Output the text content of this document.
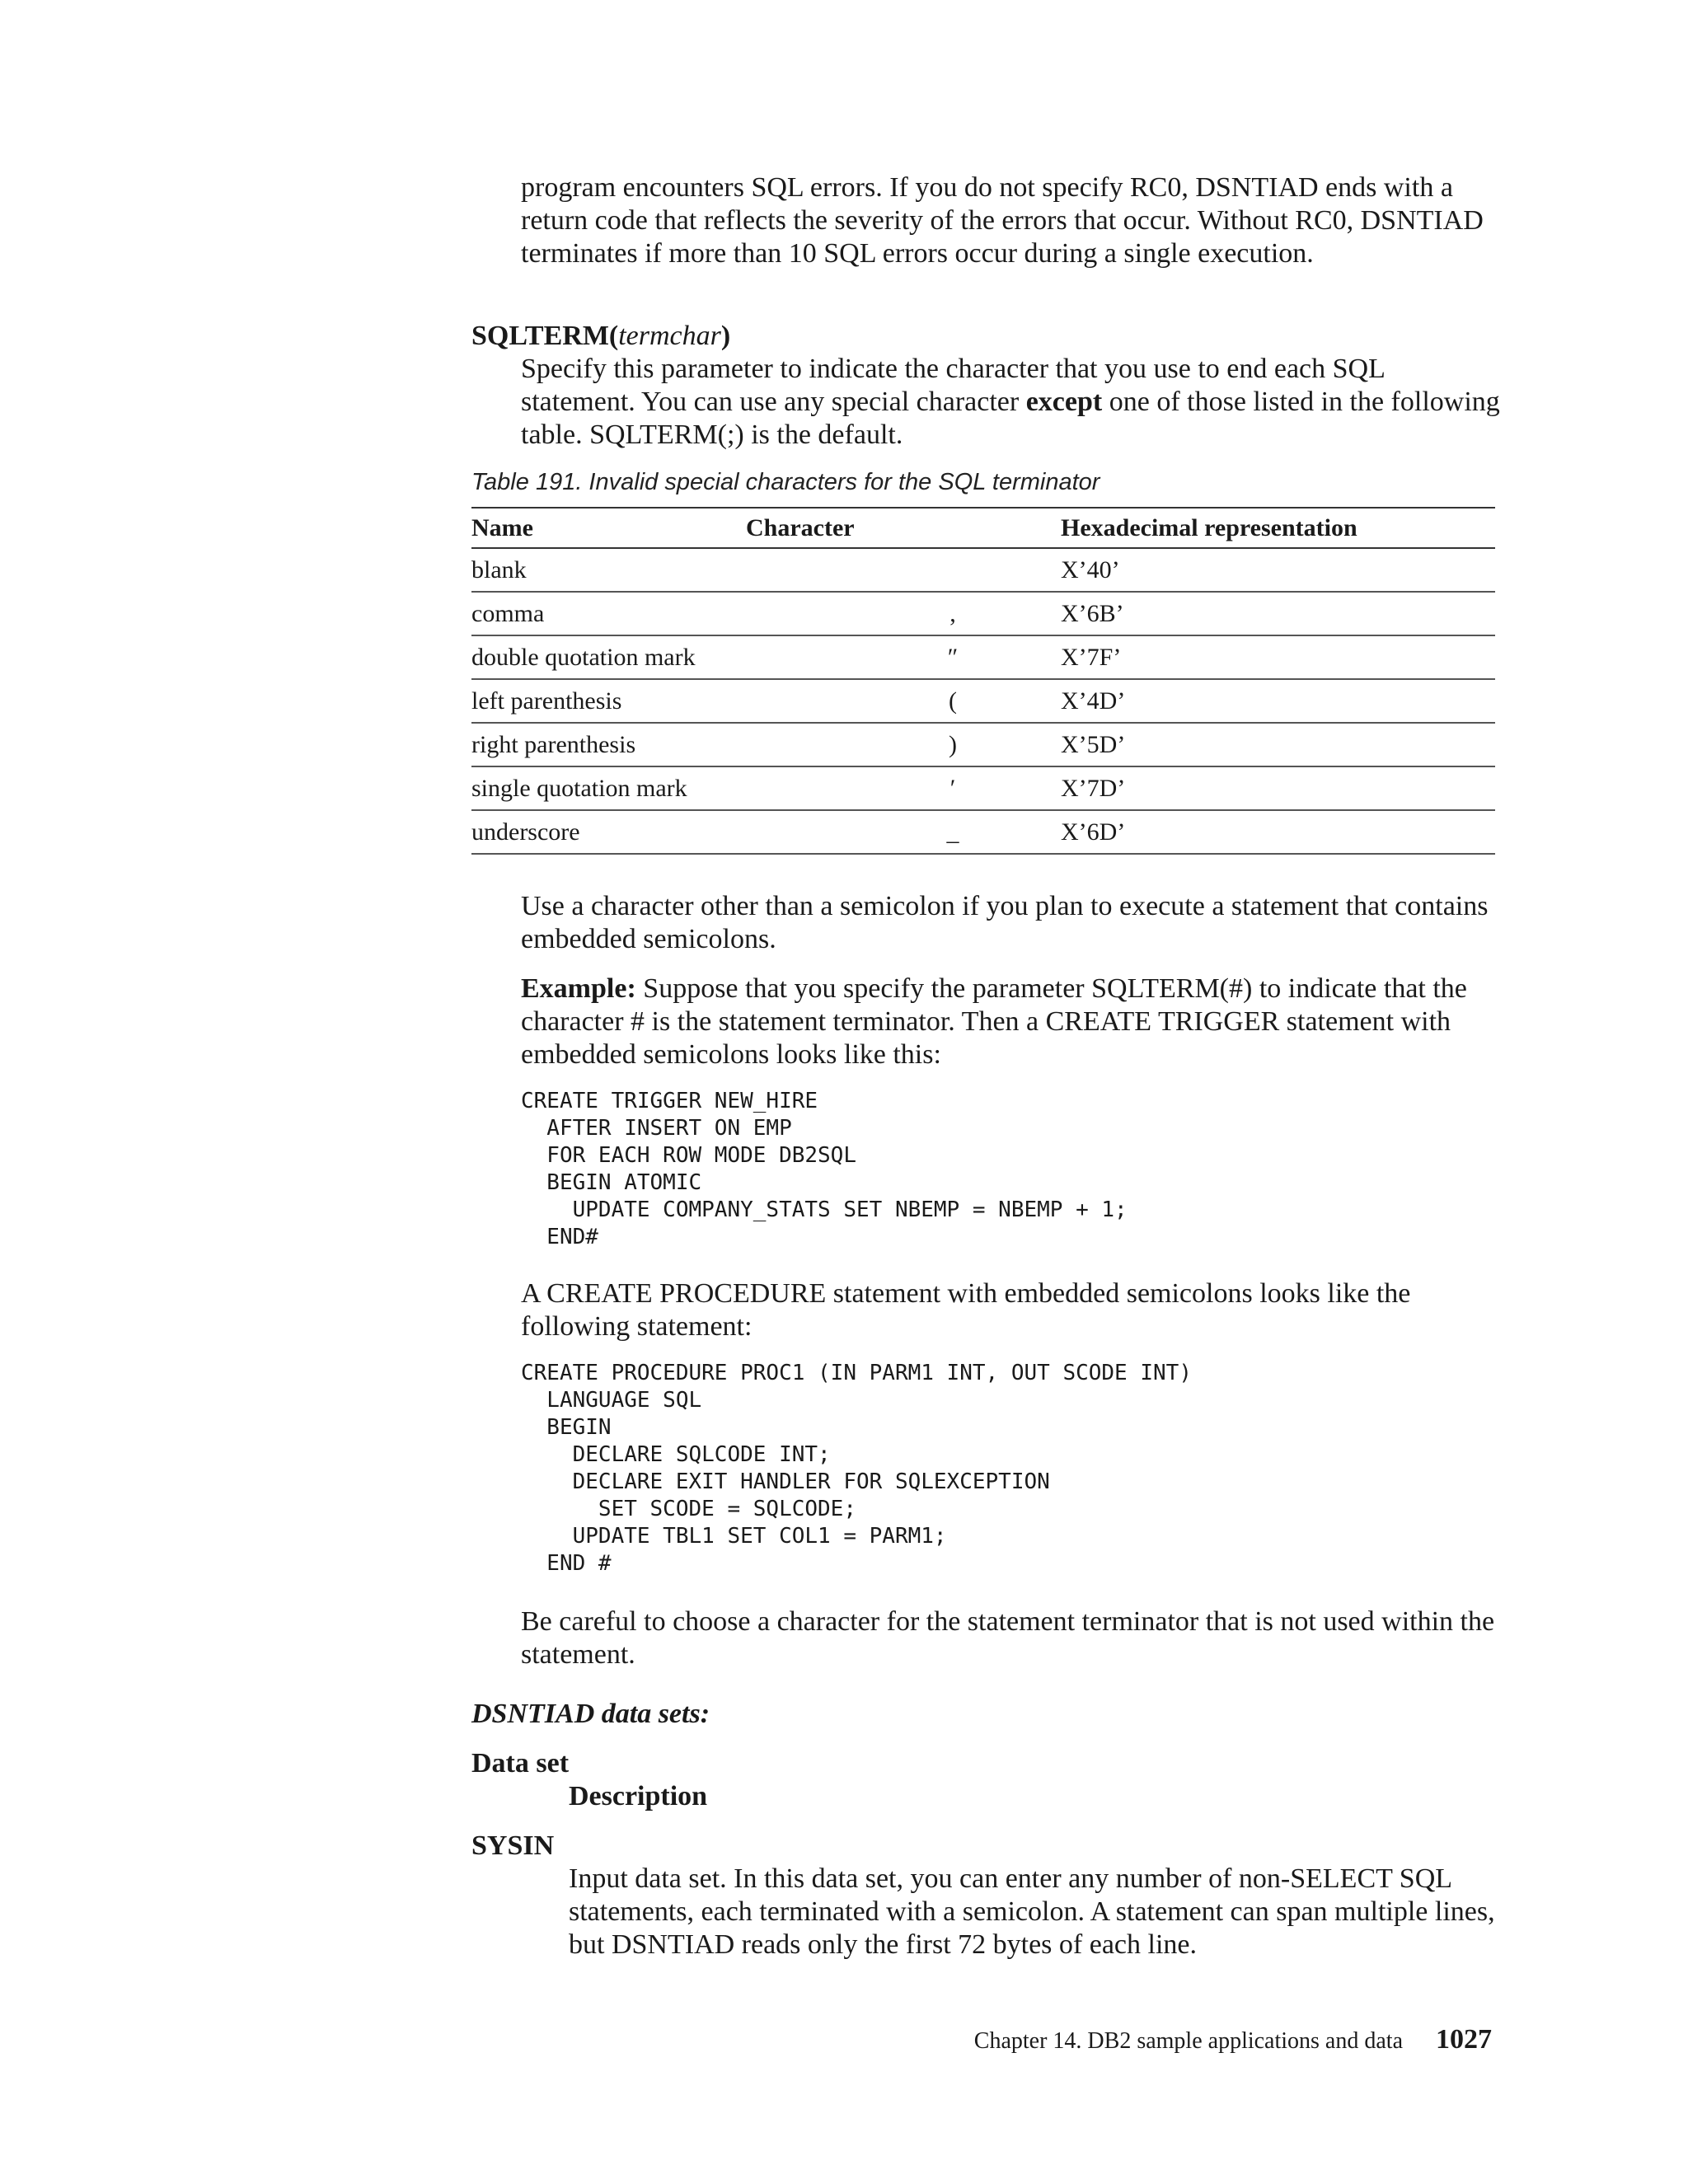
program encounters SQL errors. If you do not specify RC0, DSNTIAD ends with a return code that reflects the severity of the errors that occur. Without RC0, DSNTIAD terminates if more than 10 SQL errors occur during a single execution.

SQLTERM(termchar)

Specify this parameter to indicate the character that you use to end each SQL statement. You can use any special character except one of those listed in the following table. SQLTERM(;) is the default.

Table 191. Invalid special characters for the SQL terminator
Name	Character	Hexadecimal representation
blank		X’40’
comma	,	X’6B’
double quotation mark	″	X’7F’
left parenthesis	(	X’4D’
right parenthesis	)	X’5D’
single quotation mark	′	X’7D’
underscore	_	X’6D’

Use a character other than a semicolon if you plan to execute a statement that contains embedded semicolons.

Example: Suppose that you specify the parameter SQLTERM(#) to indicate that the character # is the statement terminator. Then a CREATE TRIGGER statement with embedded semicolons looks like this:

CREATE TRIGGER NEW_HIRE
AFTER INSERT ON EMP
FOR EACH ROW MODE DB2SQL
BEGIN ATOMIC
UPDATE COMPANY_STATS SET NBEMP = NBEMP + 1;
END#

A CREATE PROCEDURE statement with embedded semicolons looks like the following statement:

CREATE PROCEDURE PROC1 (IN PARM1 INT, OUT SCODE INT)
LANGUAGE SQL
BEGIN
DECLARE SQLCODE INT;
DECLARE EXIT HANDLER FOR SQLEXCEPTION
SET SCODE = SQLCODE;
UPDATE TBL1 SET COL1 = PARM1;
END #

Be careful to choose a character for the statement terminator that is not used within the statement.

DSNTIAD data sets:

Data set

Description

SYSIN

Input data set. In this data set, you can enter any number of non-SELECT SQL statements, each terminated with a semicolon. A statement can span multiple lines, but DSNTIAD reads only the first 72 bytes of each line.

Chapter 14. DB2 sample applications and data 1027
